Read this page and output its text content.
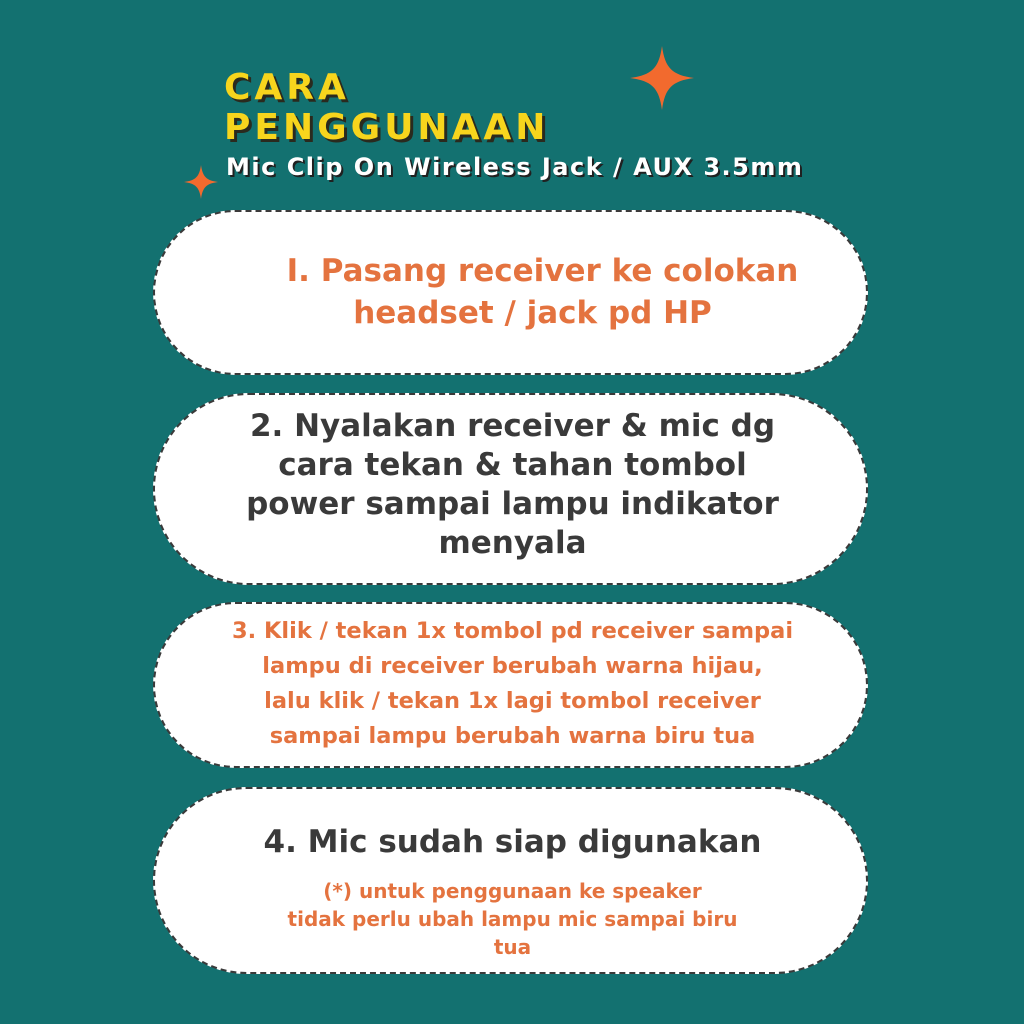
CARA
PENGGUNAAN
Mic Clip On Wireless Jack / AUX 3.5mm
I. Pasang receiver ke colokan
headset / jack pd HP
2. Nyalakan receiver & mic dg
cara tekan & tahan tombol
power sampai lampu indikator
menyala
3. Klik / tekan 1x tombol pd receiver sampai
lampu di receiver berubah warna hijau,
lalu klik / tekan 1x lagi tombol receiver
sampai lampu berubah warna biru tua
4. Mic sudah siap digunakan
(*) untuk penggunaan ke speaker
tidak perlu ubah lampu mic sampai biru
tua
